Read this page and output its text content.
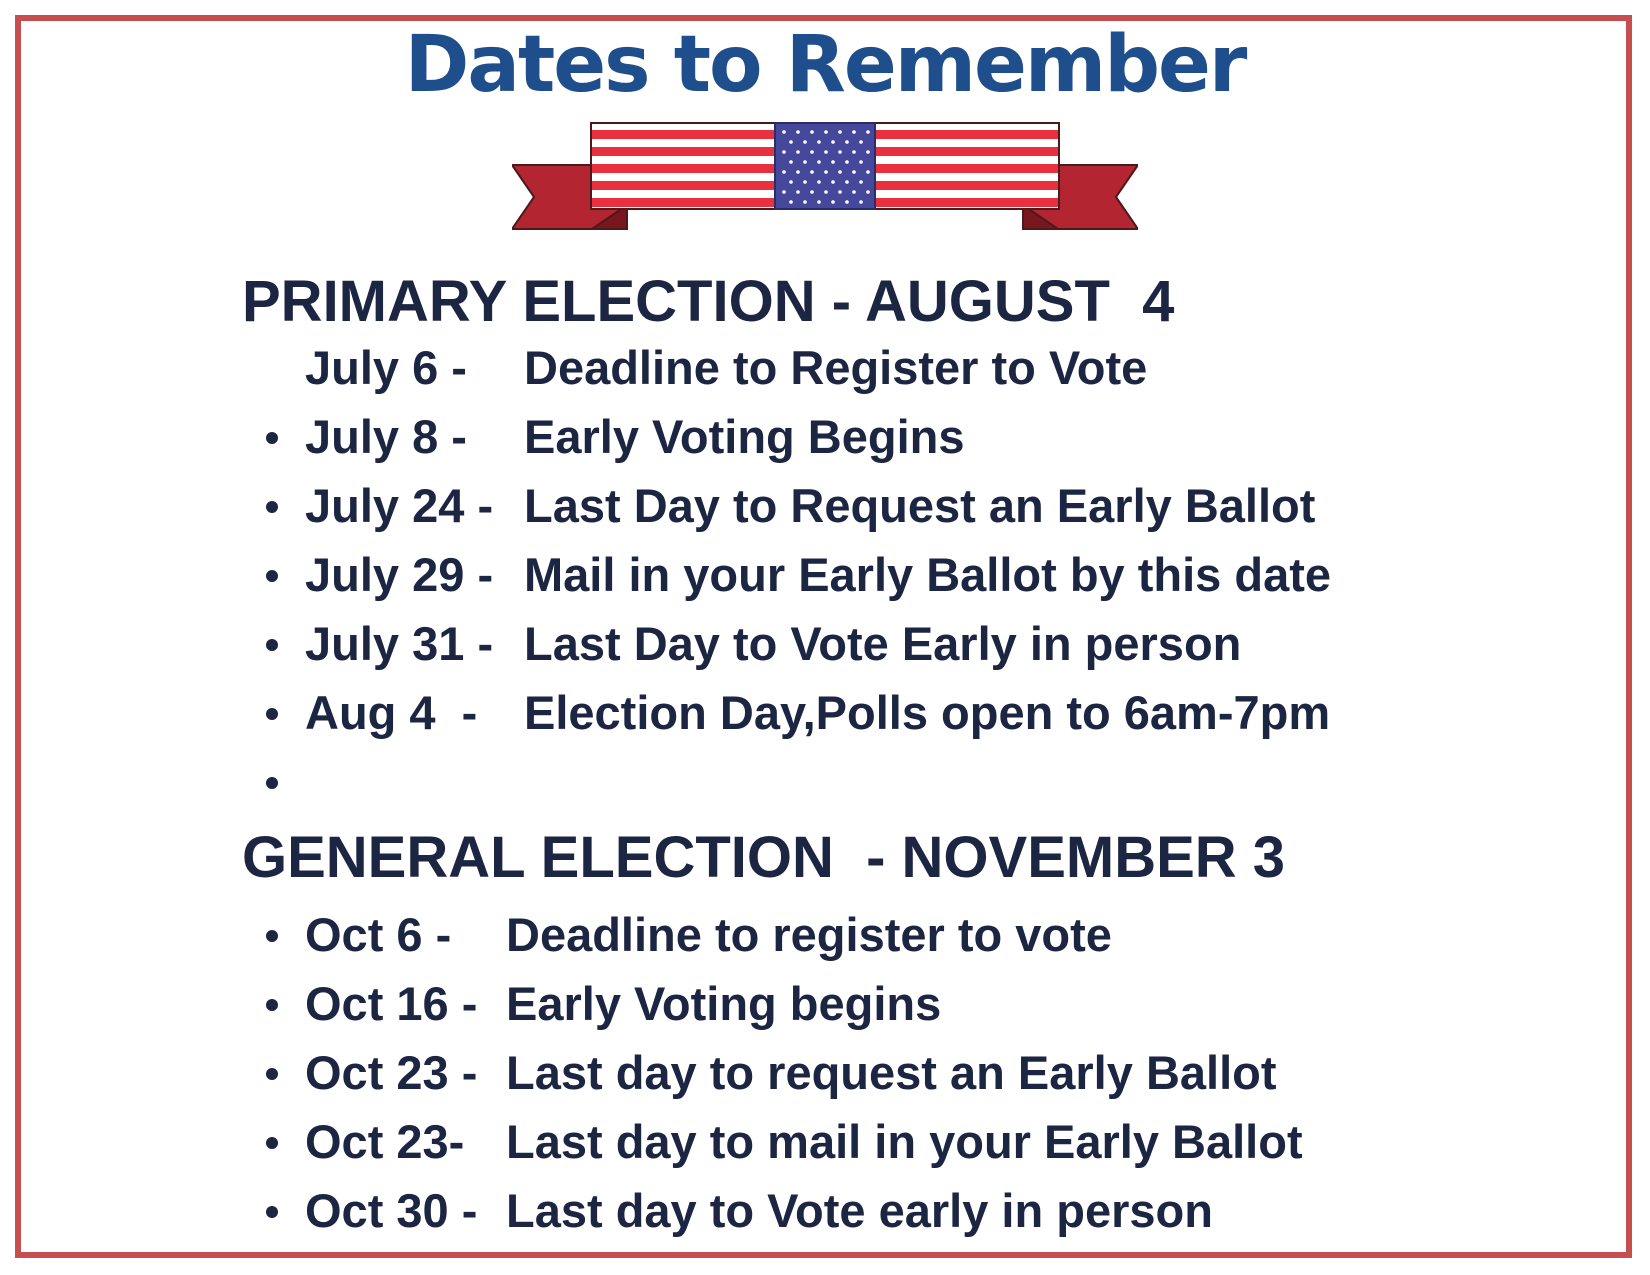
Dates to Remember
PRIMARY ELECTION - AUGUST  4
July 6 - Deadline to Register to Vote
July 8 - Early Voting Begins
July 24 - Last Day to Request an Early Ballot
July 29 - Mail in your Early Ballot by this date
July 31 - Last Day to Vote Early in person
Aug 4  - Election Day,Polls open to 6am-7pm
GENERAL ELECTION  - NOVEMBER 3
Oct 6 - Deadline to register to vote
Oct 16 - Early Voting begins
Oct 23 - Last day to request an Early Ballot
Oct 23- Last day to mail in your Early Ballot
Oct 30 - Last day to Vote early in person
